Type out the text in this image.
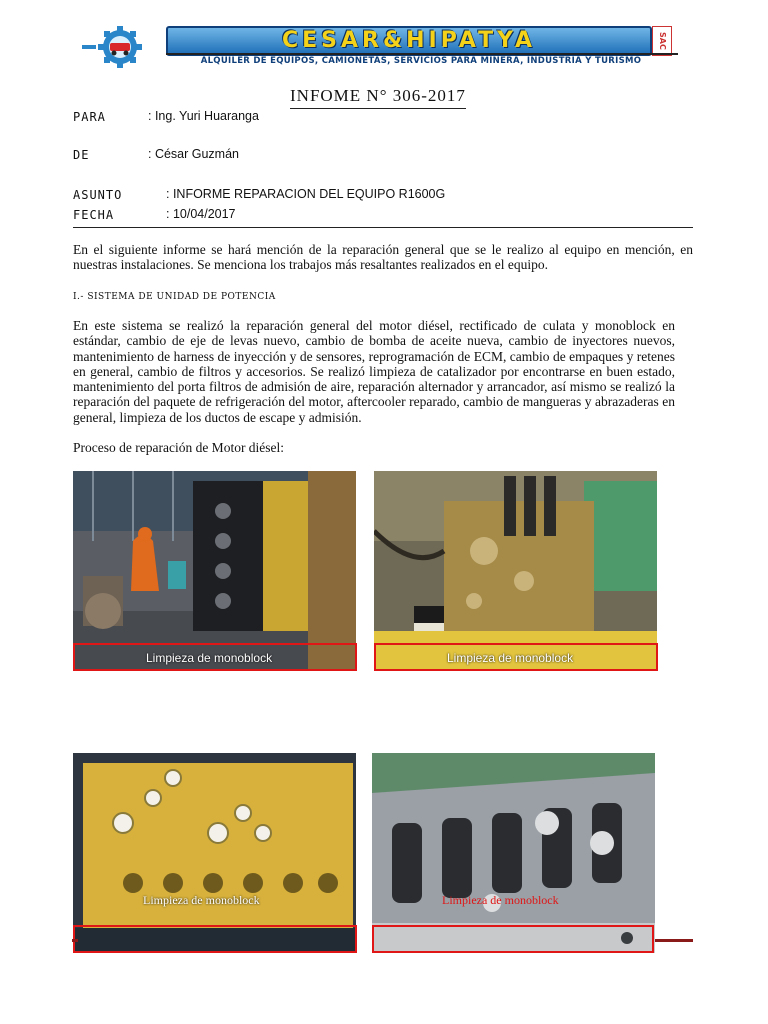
CESAR&HIPATYA	SAC
ALQUILER DE EQUIPOS, CAMIONETAS, SERVICIOS PARA MINERA, INDUSTRIA Y TURISMO
INFOME N° 306-2017
PARA	: Ing. Yuri Huaranga
DE	: César Guzmán
ASUNTO	: INFORME REPARACION DEL EQUIPO R1600G
FECHA	: 10/04/2017
En el siguiente informe se hará mención de la reparación general que se le realizo al equipo en mención, en nuestras instalaciones. Se menciona los trabajos más resaltantes realizados en el equipo.
I.- SISTEMA DE UNIDAD DE POTENCIA
En este sistema se realizó la reparación general del motor diésel, rectificado de culata y monoblock en estándar, cambio de eje de levas nuevo, cambio de bomba de aceite nueva, cambio de inyectores nuevos, mantenimiento de harness de inyección y de sensores, reprogramación de ECM, cambio de empaques y retenes en general, cambio de filtros y accesorios. Se realizó limpieza de catalizador por encontrarse en buen estado, mantenimiento del porta filtros de admisión de aire, reparación alternador y arrancador, así mismo se realizó la reparación del paquete de refrigeración del motor, aftercooler reparado, cambio de mangueras y abrazaderas en general, limpieza de los ductos de escape y admisión.
Proceso de reparación de Motor diésel:
Limpieza de monoblock	Limpieza de monoblock
Limpieza de monoblock	Limpieza de monoblock
